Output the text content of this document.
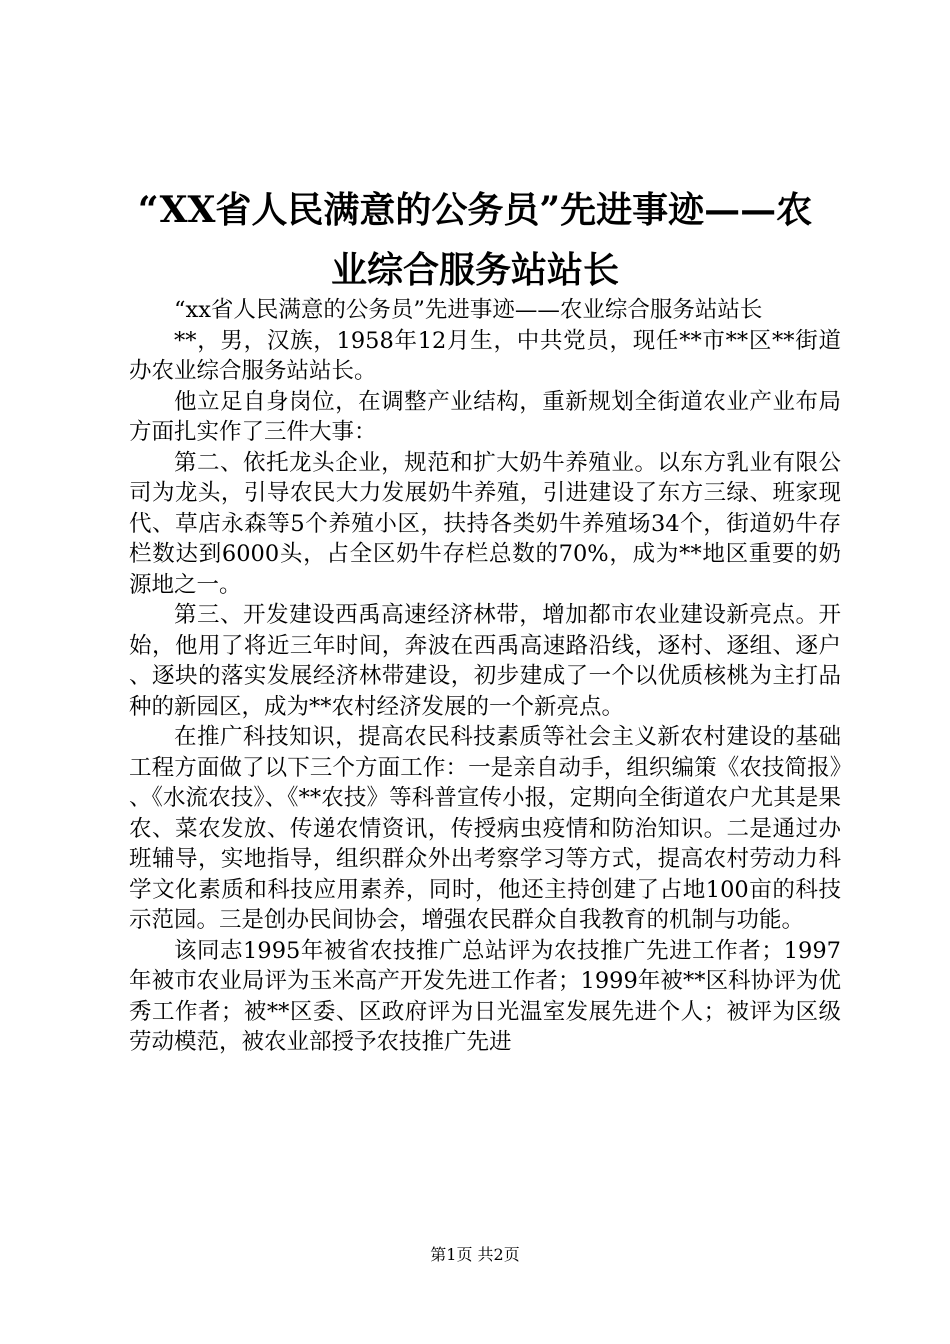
“XX省人民满意的公务员”先进事迹——农
业综合服务站站长

“xx省人民满意的公务员”先进事迹——农业综合服务站站长

**，男，汉族，1958年12月生，中共党员，现任**市**区**街道办农业综合服务站站长。

他立足自身岗位，在调整产业结构，重新规划全街道农业产业布局方面扎实作了三件大事：

第二、依托龙头企业，规范和扩大奶牛养殖业。以东方乳业有限公司为龙头，引导农民大力发展奶牛养殖，引进建设了东方三绿、班家现代、草店永森等5个养殖小区，扶持各类奶牛养殖场34个，街道奶牛存栏数达到6000头，占全区奶牛存栏总数的70%，成为**地区重要的奶源地之一。

第三、开发建设西禹高速经济林带，增加都市农业建设新亮点。开始，他用了将近三年时间，奔波在西禹高速路沿线，逐村、逐组、逐户、逐块的落实发展经济林带建设，初步建成了一个以优质核桃为主打品种的新园区，成为**农村经济发展的一个新亮点。

在推广科技知识，提高农民科技素质等社会主义新农村建设的基础工程方面做了以下三个方面工作：一是亲自动手，组织编策《农技简报》、《水流农技》、《**农技》等科普宣传小报，定期向全街道农户尤其是果农、菜农发放、传递农情资讯，传授病虫疫情和防治知识。二是通过办班辅导，实地指导，组织群众外出考察学习等方式，提高农村劳动力科学文化素质和科技应用素养，同时，他还主持创建了占地100亩的科技示范园。三是创办民间协会，增强农民群众自我教育的机制与功能。

该同志1995年被省农技推广总站评为农技推广先进工作者；1997年被市农业局评为玉米高产开发先进工作者；1999年被**区科协评为优秀工作者；被**区委、区政府评为日光温室发展先进个人；被评为区级劳动模范，被农业部授予农技推广先进

第1页 共2页
